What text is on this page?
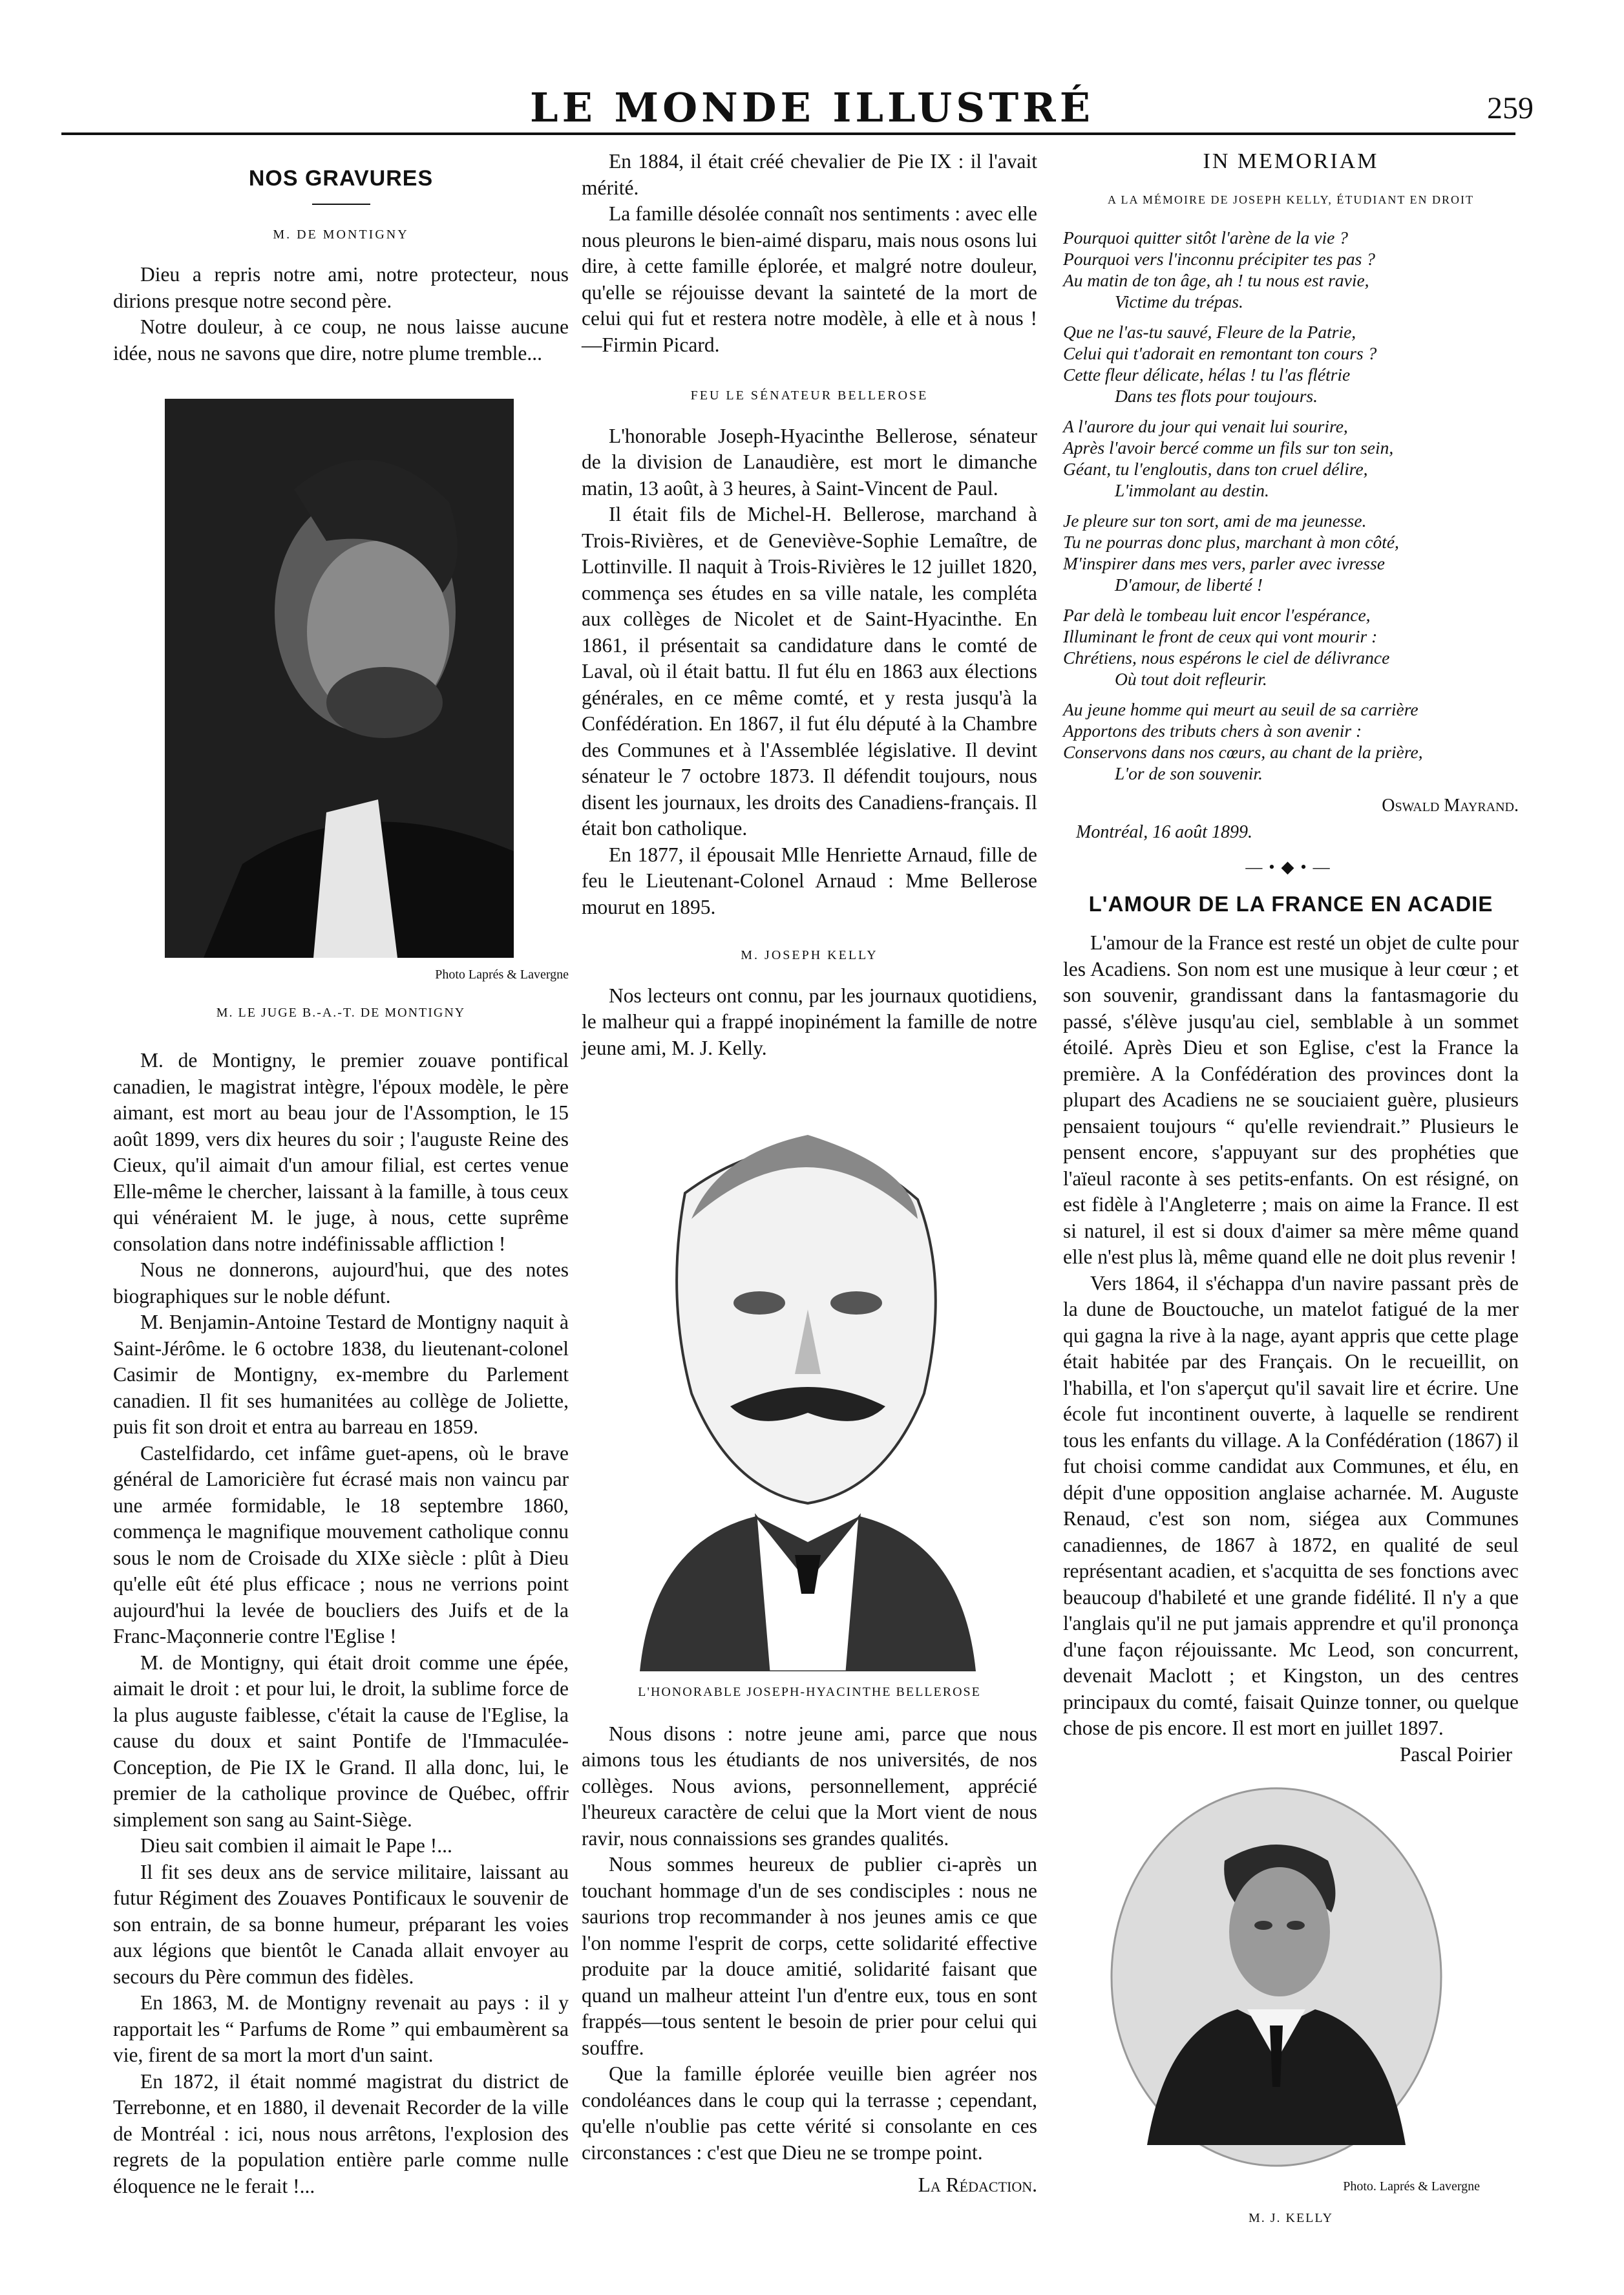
LE MONDE ILLUSTRÉ	259
NOS GRAVURES
M. DE MONTIGNY

Dieu a repris notre ami, notre protecteur, nous dirions presque notre second père.

Notre douleur, à ce coup, ne nous laisse aucune idée, nous ne savons que dire, notre plume tremble...

Photo Laprés & Lavergne
M. LE JUGE B.-A.-T. DE MONTIGNY

M. de Montigny, le premier zouave pontifical canadien, le magistrat intègre, l'époux modèle, le père aimant, est mort au beau jour de l'Assomption, le 15 août 1899, vers dix heures du soir ; l'auguste Reine des Cieux, qu'il aimait d'un amour filial, est certes venue Elle-même le chercher, laissant à la famille, à tous ceux qui vénéraient M. le juge, à nous, cette suprême consolation dans notre indéfinissable affliction !

Nous ne donnerons, aujourd'hui, que des notes biographiques sur le noble défunt.

M. Benjamin-Antoine Testard de Montigny naquit à Saint-Jérôme. le 6 octobre 1838, du lieutenant-colonel Casimir de Montigny, ex-membre du Parlement canadien. Il fit ses humanitées au collège de Joliette, puis fit son droit et entra au barreau en 1859.

Castelfidardo, cet infâme guet-apens, où le brave général de Lamoricière fut écrasé mais non vaincu par une armée formidable, le 18 septembre 1860, commença le magnifique mouvement catholique connu sous le nom de Croisade du XIXe siècle : plût à Dieu qu'elle eût été plus efficace ; nous ne verrions point aujourd'hui la levée de boucliers des Juifs et de la Franc-Maçonnerie contre l'Eglise !

M. de Montigny, qui était droit comme une épée, aimait le droit : et pour lui, le droit, la sublime force de la plus auguste faiblesse, c'était la cause de l'Eglise, la cause du doux et saint Pontife de l'Immaculée-Conception, de Pie IX le Grand. Il alla donc, lui, le premier de la catholique province de Québec, offrir simplement son sang au Saint-Siège.

Dieu sait combien il aimait le Pape !...

Il fit ses deux ans de service militaire, laissant au futur Régiment des Zouaves Pontificaux le souvenir de son entrain, de sa bonne humeur, préparant les voies aux légions que bientôt le Canada allait envoyer au secours du Père commun des fidèles.

En 1863, M. de Montigny revenait au pays : il y rapportait les “ Parfums de Rome ” qui embaumèrent sa vie, firent de sa mort la mort d'un saint.

En 1872, il était nommé magistrat du district de Terrebonne, et en 1880, il devenait Recorder de la ville de Montréal : ici, nous nous arrêtons, l'explosion des regrets de la population entière parle comme nulle éloquence ne le ferait !...

En 1884, il était créé chevalier de Pie IX : il l'avait mérité.

La famille désolée connaît nos sentiments : avec elle nous pleurons le bien-aimé disparu, mais nous osons lui dire, à cette famille éplorée, et malgré notre douleur, qu'elle se réjouisse devant la sainteté de la mort de celui qui fut et restera notre modèle, à elle et à nous ! —Firmin Picard.

FEU LE SÉNATEUR BELLEROSE

L'honorable Joseph-Hyacinthe Bellerose, sénateur de la division de Lanaudière, est mort le dimanche matin, 13 août, à 3 heures, à Saint-Vincent de Paul.

Il était fils de Michel-H. Bellerose, marchand à Trois-Rivières, et de Geneviève-Sophie Lemaître, de Lottinville. Il naquit à Trois-Rivières le 12 juillet 1820, commença ses études en sa ville natale, les compléta aux collèges de Nicolet et de Saint-Hyacinthe. En 1861, il présentait sa candidature dans le comté de Laval, où il était battu. Il fut élu en 1863 aux élections générales, en ce même comté, et y resta jusqu'à la Confédération. En 1867, il fut élu député à la Chambre des Communes et à l'Assemblée législative. Il devint sénateur le 7 octobre 1873. Il défendit toujours, nous disent les journaux, les droits des Canadiens-français. Il était bon catholique.

En 1877, il épousait Mlle Henriette Arnaud, fille de feu le Lieutenant-Colonel Arnaud : Mme Bellerose mourut en 1895.

M. JOSEPH KELLY

Nos lecteurs ont connu, par les journaux quotidiens, le malheur qui a frappé inopinément la famille de notre jeune ami, M. J. Kelly.

L'HONORABLE JOSEPH-HYACINTHE BELLEROSE

Nous disons : notre jeune ami, parce que nous aimons tous les étudiants de nos universités, de nos collèges. Nous avions, personnellement, apprécié l'heureux caractère de celui que la Mort vient de nous ravir, nous connaissions ses grandes qualités.

Nous sommes heureux de publier ci-après un touchant hommage d'un de ses condisciples : nous ne saurions trop recommander à nos jeunes amis ce que l'on nomme l'esprit de corps, cette solidarité effective produite par la douce amitié, solidarité faisant que quand un malheur atteint l'un d'entre eux, tous en sont frappés—tous sentent le besoin de prier pour celui qui souffre.

Que la famille éplorée veuille bien agréer nos condoléances dans le coup qui la terrasse ; cependant, qu'elle n'oublie pas cette vérité si consolante en ces circonstances : c'est que Dieu ne se trompe point.

La Rédaction.
IN MEMORIAM
A LA MÉMOIRE DE JOSEPH KELLY, ÉTUDIANT EN DROIT
Pourquoi quitter sitôt l'arène de la vie ?
Pourquoi vers l'inconnu précipiter tes pas ?
Au matin de ton âge, ah ! tu nous est ravie,
Victime du trépas.
Que ne l'as-tu sauvé, Fleure de la Patrie,
Celui qui t'adorait en remontant ton cours ?
Cette fleur délicate, hélas ! tu l'as flétrie
Dans tes flots pour toujours.
A l'aurore du jour qui venait lui sourire,
Après l'avoir bercé comme un fils sur ton sein,
Géant, tu l'engloutis, dans ton cruel délire,
L'immolant au destin.
Je pleure sur ton sort, ami de ma jeunesse.
Tu ne pourras donc plus, marchant à mon côté,
M'inspirer dans mes vers, parler avec ivresse
D'amour, de liberté !
Par delà le tombeau luit encor l'espérance,
Illuminant le front de ceux qui vont mourir :
Chrétiens, nous espérons le ciel de délivrance
Où tout doit refleurir.
Au jeune homme qui meurt au seuil de sa carrière
Apportons des tributs chers à son avenir :
Conservons dans nos cœurs, au chant de la prière,
L'or de son souvenir.
Oswald Mayrand.
Montréal, 16 août 1899.
—•◆•—
L'AMOUR DE LA FRANCE EN ACADIE

L'amour de la France est resté un objet de culte pour les Acadiens. Son nom est une musique à leur cœur ; et son souvenir, grandissant dans la fantasmagorie du passé, s'élève jusqu'au ciel, semblable à un sommet étoilé. Après Dieu et son Eglise, c'est la France la première. A la Confédération des provinces dont la plupart des Acadiens ne se souciaient guère, plusieurs pensaient toujours “ qu'elle reviendrait.” Plusieurs le pensent encore, s'appuyant sur des prophéties que l'aïeul raconte à ses petits-enfants. On est résigné, on est fidèle à l'Angleterre ; mais on aime la France. Il est si naturel, il est si doux d'aimer sa mère même quand elle n'est plus là, même quand elle ne doit plus revenir !

Vers 1864, il s'échappa d'un navire passant près de la dune de Bouctouche, un matelot fatigué de la mer qui gagna la rive à la nage, ayant appris que cette plage était habitée par des Français. On le recueillit, on l'habilla, et l'on s'aperçut qu'il savait lire et écrire. Une école fut incontinent ouverte, à laquelle se rendirent tous les enfants du village. A la Confédération (1867) il fut choisi comme candidat aux Communes, et élu, en dépit d'une opposition anglaise acharnée. M. Auguste Renaud, c'est son nom, siégea aux Communes canadiennes, de 1867 à 1872, en qualité de seul représentant acadien, et s'acquitta de ses fonctions avec beaucoup d'habileté et une grande fidélité. Il n'y a que l'anglais qu'il ne put jamais apprendre et qu'il prononça d'une façon réjouissante. Mc Leod, son concurrent, devenait Maclott ; et Kingston, un des centres principaux du comté, faisait Quinze tonner, ou quelque chose de pis encore. Il est mort en juillet 1897.

Pascal Poirier
Photo. Laprés & Lavergne
M. J. KELLY
